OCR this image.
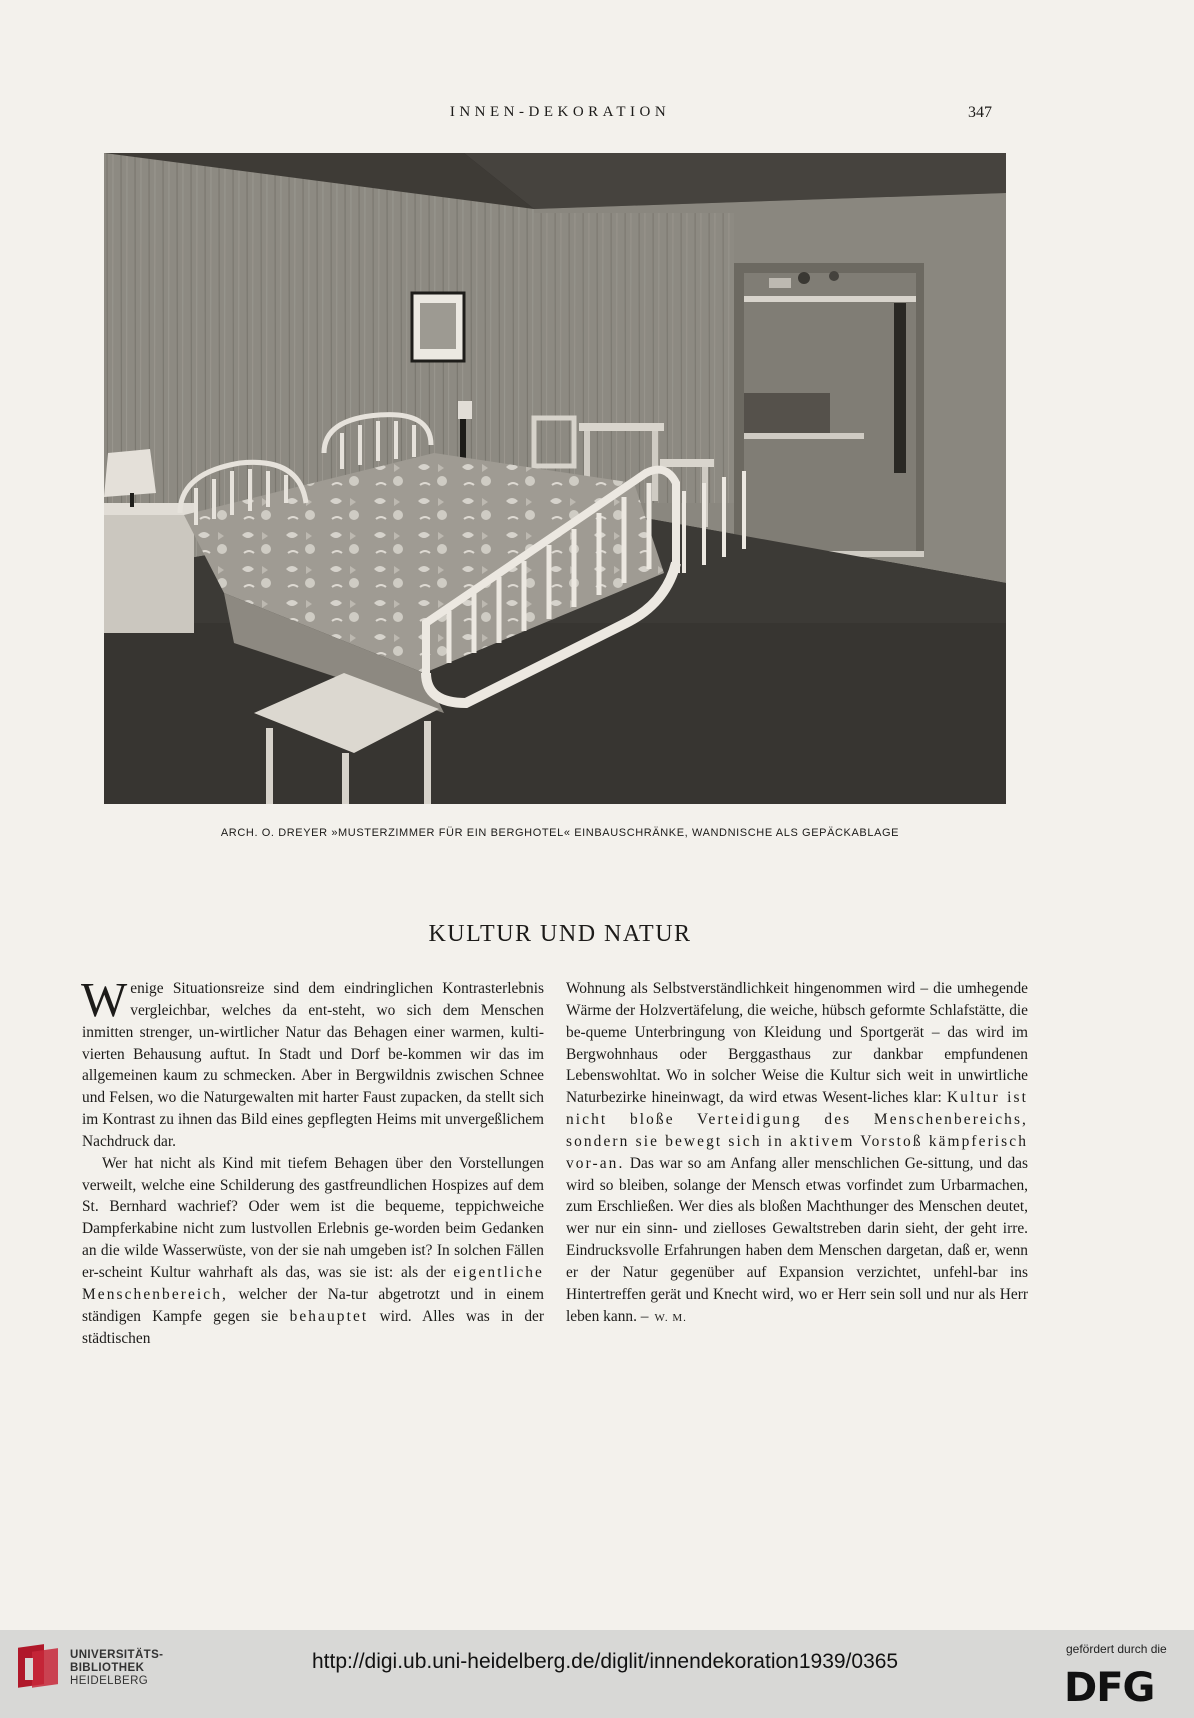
INNEN-DEKORATION	347
ARCH. O. DREYER »MUSTERZIMMER FÜR EIN BERGHOTEL« EINBAUSCHRÄNKE, WANDNISCHE ALS GEPÄCKABLAGE
KULTUR UND NATUR

Wenige Situationsreize sind dem eindringlichen Kontrasterlebnis vergleichbar, welches da ent-steht, wo sich dem Menschen inmitten strenger, un-wirtlicher Natur das Behagen einer warmen, kulti-vierten Behausung auftut. In Stadt und Dorf be-kommen wir das im allgemeinen kaum zu schmecken. Aber in Bergwildnis zwischen Schnee und Felsen, wo die Naturgewalten mit harter Faust zupacken, da stellt sich im Kontrast zu ihnen das Bild eines gepflegten Heims mit unvergeßlichem Nachdruck dar.

Wer hat nicht als Kind mit tiefem Behagen über den Vorstellungen verweilt, welche eine Schilderung des gastfreundlichen Hospizes auf dem St. Bernhard wachrief? Oder wem ist die bequeme, teppichweiche Dampferkabine nicht zum lustvollen Erlebnis ge-worden beim Gedanken an die wilde Wasserwüste, von der sie nah umgeben ist? In solchen Fällen er-scheint Kultur wahrhaft als das, was sie ist: als der eigentliche Menschenbereich, welcher der Na-tur abgetrotzt und in einem ständigen Kampfe gegen sie behauptet wird. Alles was in der städtischen

Wohnung als Selbstverständlichkeit hingenommen wird – die umhegende Wärme der Holzvertäfelung, die weiche, hübsch geformte Schlafstätte, die be-queme Unterbringung von Kleidung und Sportgerät – das wird im Bergwohnhaus oder Berggasthaus zur dankbar empfundenen Lebenswohltat. Wo in solcher Weise die Kultur sich weit in unwirtliche Naturbezirke hineinwagt, da wird etwas Wesent-liches klar: Kultur ist nicht bloße Verteidigung des Menschenbereichs, sondern sie bewegt sich in aktivem Vorstoß kämpferisch vor-an. Das war so am Anfang aller menschlichen Ge-sittung, und das wird so bleiben, solange der Mensch etwas vorfindet zum Urbarmachen, zum Erschließen. Wer dies als bloßen Machthunger des Menschen deutet, wer nur ein sinn- und zielloses Gewaltstreben darin sieht, der geht irre. Eindrucksvolle Erfahrungen haben dem Menschen dargetan, daß er, wenn er der Natur gegenüber auf Expansion verzichtet, unfehl-bar ins Hintertreffen gerät und Knecht wird, wo er Herr sein soll und nur als Herr leben kann. – W. M.

UNIVERSITÄTS-
BIBLIOTHEK
HEIDELBERG
http://digi.ub.uni-heidelberg.de/diglit/innendekoration1939/0365
gefördert durch die
DFG
